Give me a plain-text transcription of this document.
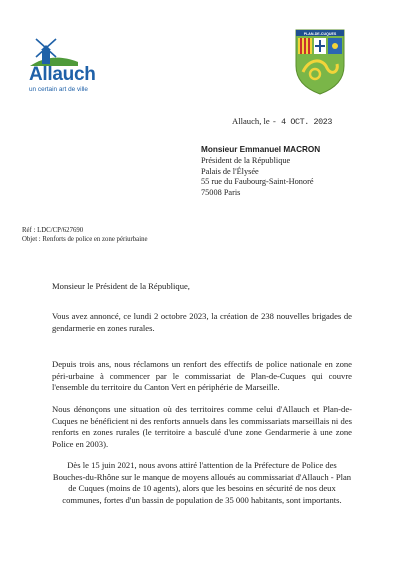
Allauch

un certain art de ville

PLAN-DE-CUQUES

Allauch, le - 4 OCT. 2023

Monsieur Emmanuel MACRON
Président de la République
Palais de l'Élysée
55 rue du Faubourg-Saint-Honoré
75008 Paris
Réf : LDC/CP/627690
Objet : Renforts de police en zone périurbaine

Monsieur le Président de la République,

Vous avez annoncé, ce lundi 2 octobre 2023, la création de 238 nouvelles brigades de gendarmerie en zones rurales.

Depuis trois ans, nous réclamons un renfort des effectifs de police nationale en zone péri-urbaine à commencer par le commissariat de Plan-de-Cuques qui couvre l'ensemble du territoire du Canton Vert en périphérie de Marseille.

Nous dénonçons une situation où des territoires comme celui d'Allauch et Plan-de-Cuques ne bénéficient ni des renforts annuels dans les commissariats marseillais ni des renforts en zones rurales (le territoire a basculé d'une zone Gendarmerie à une zone Police en 2003).

Dès le 15 juin 2021, nous avons attiré l'attention de la Préfecture de Police des Bouches-du-Rhône sur le manque de moyens alloués au commissariat d'Allauch - Plan de Cuques (moins de 10 agents), alors que les besoins en sécurité de nos deux communes, fortes d'un bassin de population de 35 000 habitants, sont importants.
